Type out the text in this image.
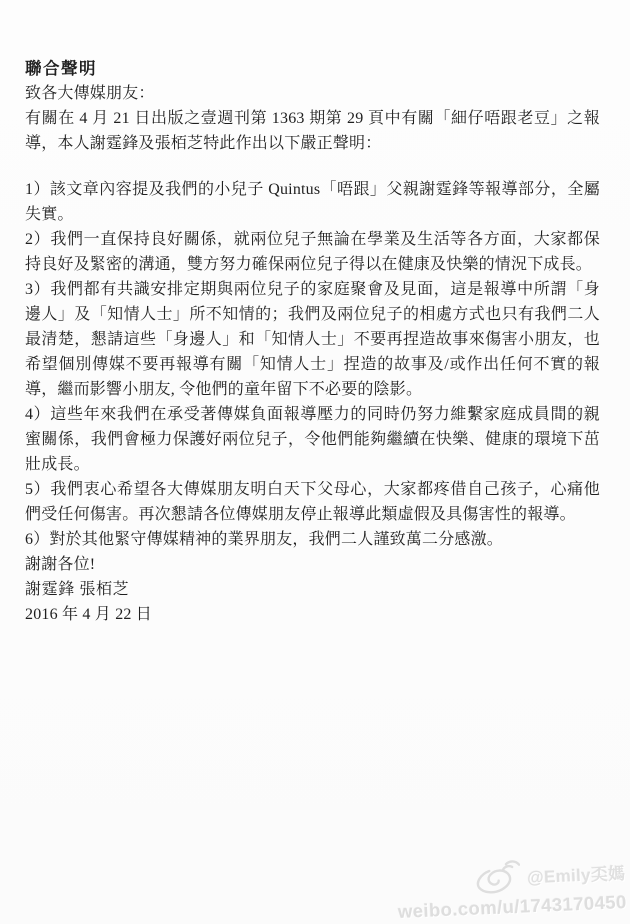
聯合聲明

致各大傳媒朋友：

有關在 4 月 21 日出版之壹週刊第 1363 期第 29 頁中有關「細仔唔跟老豆」之報導，本人謝霆鋒及張栢芝特此作出以下嚴正聲明：

1）該文章內容提及我們的小兒子 Quintus「唔跟」父親謝霆鋒等報導部分，全屬失實。

2）我們一直保持良好關係，就兩位兒子無論在學業及生活等各方面，大家都保持良好及緊密的溝通，雙方努力確保兩位兒子得以在健康及快樂的情況下成長。

3）我們都有共識安排定期與兩位兒子的家庭聚會及見面，這是報導中所謂「身邊人」及「知情人士」所不知情的；我們及兩位兒子的相處方式也只有我們二人最清楚，懇請這些「身邊人」和「知情人士」不要再捏造故事來傷害小朋友，也希望個別傳媒不要再報導有關「知情人士」捏造的故事及/或作出任何不實的報導，繼而影響小朋友, 令他們的童年留下不必要的陰影。

4）這些年來我們在承受著傳媒負面報導壓力的同時仍努力維繫家庭成員間的親蜜關係，我們會極力保護好兩位兒子，令他們能夠繼續在快樂、健康的環境下茁壯成長。

5）我們衷心希望各大傳媒朋友明白天下父母心，大家都疼借自己孩子，心痛他們受任何傷害。再次懇請各位傳媒朋友停止報導此類虛假及具傷害性的報導。

6）對於其他緊守傳媒精神的業界朋友，我們二人謹致萬二分感激。

謝謝各位!

謝霆鋒 張栢芝

2016 年 4 月 22 日

@Emily奀媽
weibo.com/u/1743170450
